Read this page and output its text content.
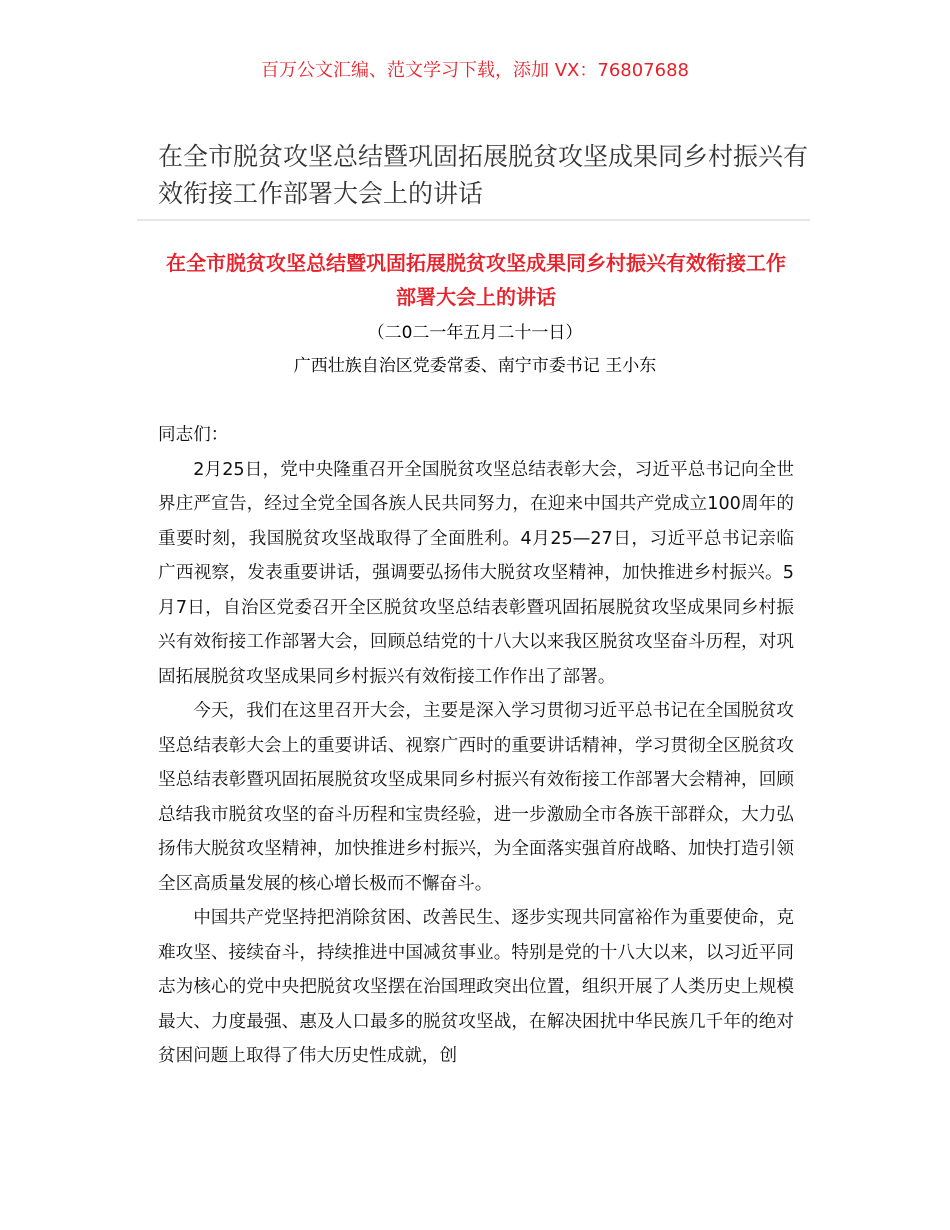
百万公文汇编、范文学习下载，添加 VX：76807688
在全市脱贫攻坚总结暨巩固拓展脱贫攻坚成果同乡村振兴有效衔接工作部署大会上的讲话
在全市脱贫攻坚总结暨巩固拓展脱贫攻坚成果同乡村振兴有效衔接工作部署大会上的讲话
（二0二一年五月二十一日）
广西壮族自治区党委常委、南宁市委书记 王小东

同志们：

2月25日，党中央隆重召开全国脱贫攻坚总结表彰大会，习近平总书记向全世界庄严宣告，经过全党全国各族人民共同努力，在迎来中国共产党成立100周年的重要时刻，我国脱贫攻坚战取得了全面胜利。4月25—27日，习近平总书记亲临广西视察，发表重要讲话，强调要弘扬伟大脱贫攻坚精神，加快推进乡村振兴。5月7日，自治区党委召开全区脱贫攻坚总结表彰暨巩固拓展脱贫攻坚成果同乡村振兴有效衔接工作部署大会，回顾总结党的十八大以来我区脱贫攻坚奋斗历程，对巩固拓展脱贫攻坚成果同乡村振兴有效衔接工作作出了部署。

今天，我们在这里召开大会，主要是深入学习贯彻习近平总书记在全国脱贫攻坚总结表彰大会上的重要讲话、视察广西时的重要讲话精神，学习贯彻全区脱贫攻坚总结表彰暨巩固拓展脱贫攻坚成果同乡村振兴有效衔接工作部署大会精神，回顾总结我市脱贫攻坚的奋斗历程和宝贵经验，进一步激励全市各族干部群众，大力弘扬伟大脱贫攻坚精神，加快推进乡村振兴，为全面落实强首府战略、加快打造引领全区高质量发展的核心增长极而不懈奋斗。

中国共产党坚持把消除贫困、改善民生、逐步实现共同富裕作为重要使命，克难攻坚、接续奋斗，持续推进中国减贫事业。特别是党的十八大以来，以习近平同志为核心的党中央把脱贫攻坚摆在治国理政突出位置，组织开展了人类历史上规模最大、力度最强、惠及人口最多的脱贫攻坚战，在解决困扰中华民族几千年的绝对贫困问题上取得了伟大历史性成就，创
